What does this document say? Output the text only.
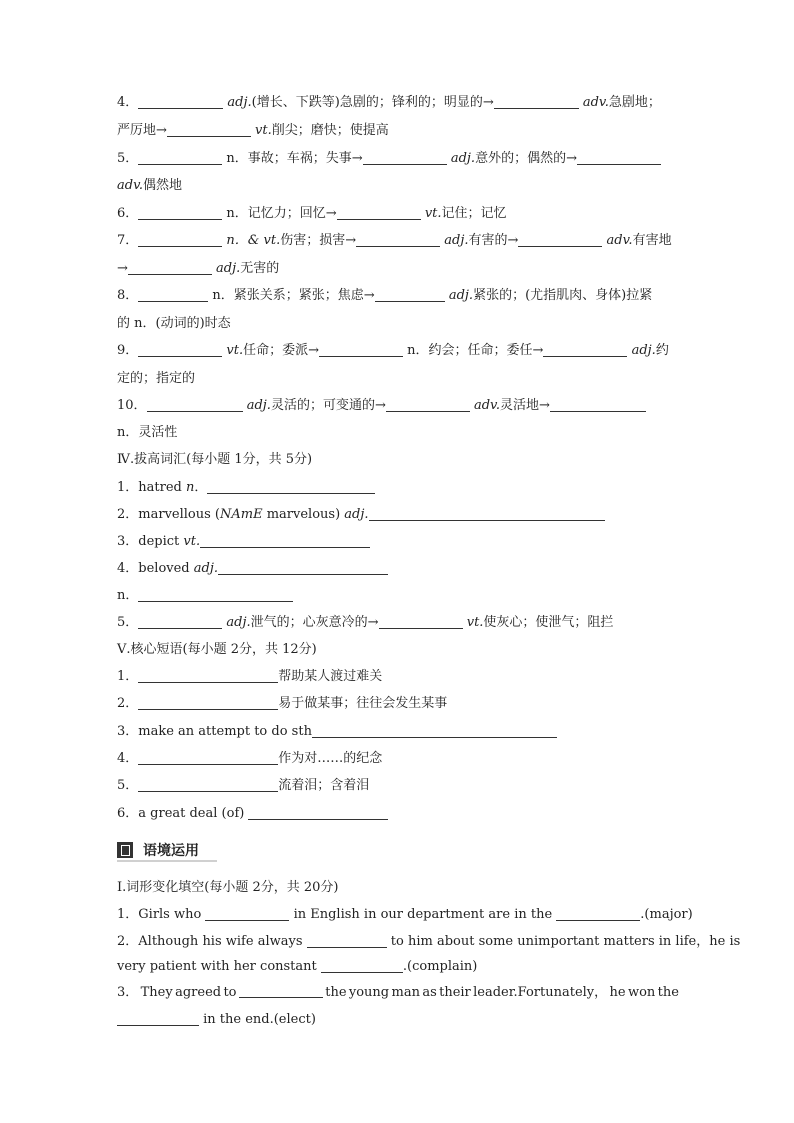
4．	adj.(增长、下跌等)急剧的；锋利的；明显的→	adv.急剧地；
严厉地→	vt.削尖；磨快；使提高
5．	n．事故；车祸；失事→	adj.意外的；偶然的→
adv.偶然地
6．	n．记忆力；回忆→	vt.记住；记忆
7．	n．& vt.伤害；损害→	adj.有害的→	adv.有害地
→	adj.无害的
8．	n．紧张关系；紧张；焦虑→	adj.紧张的；(尤指肌肉、身体)拉紧
的 n．(动词的)时态
9．	vt.任命；委派→	n．约会；任命；委任→	adj.约
定的；指定的
10．	adj.灵活的；可变通的→	adv.灵活地→
n．灵活性
Ⅳ.拔高词汇(每小题 1分，共 5分)
1．hatred n．
2．marvellous (NAmE marvelous) adj.
3．depict vt.
4．beloved adj.
n．
5．	adj.泄气的；心灰意冷的→	vt.使灰心；使泄气；阻拦
Ⅴ.核心短语(每小题 2分，共 12分)
1．	帮助某人渡过难关
2．	易于做某事；往往会发生某事
3．make an attempt to do sth
4．	作为对……的纪念
5．	流着泪；含着泪
6．a great deal (of)
语境运用
Ⅰ.词形变化填空(每小题 2分，共 20分)
1．Girls who	in English in our department are in the	.(major)
2．Although his wife always	to him about some unimportant matters in life，he is
very patient with her constant	.(complain)
3． They agreed to	the young man as their leader.Fortunately， he won the
in the end.(elect)
